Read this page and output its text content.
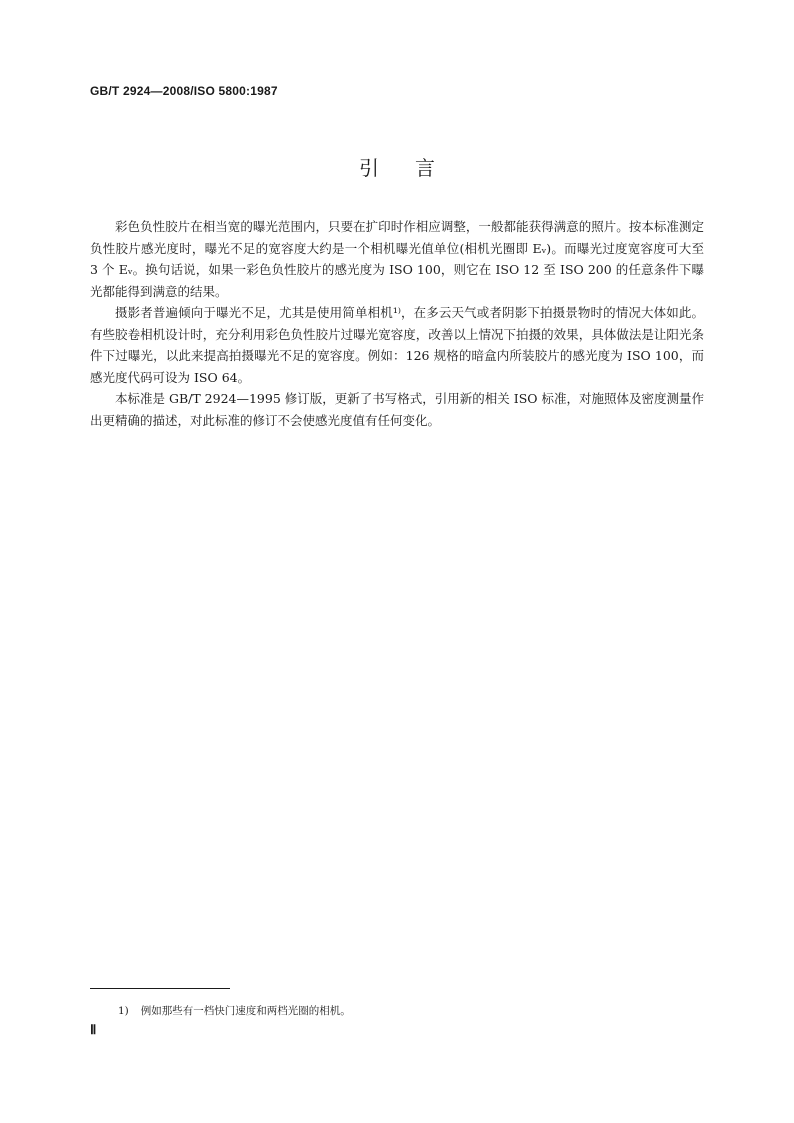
GB/T 2924—2008/ISO 5800:1987
引言

彩色负性胶片在相当宽的曝光范围内，只要在扩印时作相应调整，一般都能获得满意的照片。按本标准测定负性胶片感光度时，曝光不足的宽容度大约是一个相机曝光值单位(相机光圈即 Eᵥ)。而曝光过度宽容度可大至 3 个 Eᵥ。换句话说，如果一彩色负性胶片的感光度为 ISO 100，则它在 ISO 12 至 ISO 200 的任意条件下曝光都能得到满意的结果。

摄影者普遍倾向于曝光不足，尤其是使用简单相机¹⁾，在多云天气或者阴影下拍摄景物时的情况大体如此。有些胶卷相机设计时，充分利用彩色负性胶片过曝光宽容度，改善以上情况下拍摄的效果，具体做法是让阳光条件下过曝光，以此来提高拍摄曝光不足的宽容度。例如：126 规格的暗盒内所装胶片的感光度为 ISO 100，而感光度代码可设为 ISO 64。

本标准是 GB/T 2924—1995 修订版，更新了书写格式，引用新的相关 ISO 标准，对施照体及密度测量作出更精确的描述，对此标准的修订不会使感光度值有任何变化。

1) 例如那些有一档快门速度和两档光圈的相机。
Ⅱ
